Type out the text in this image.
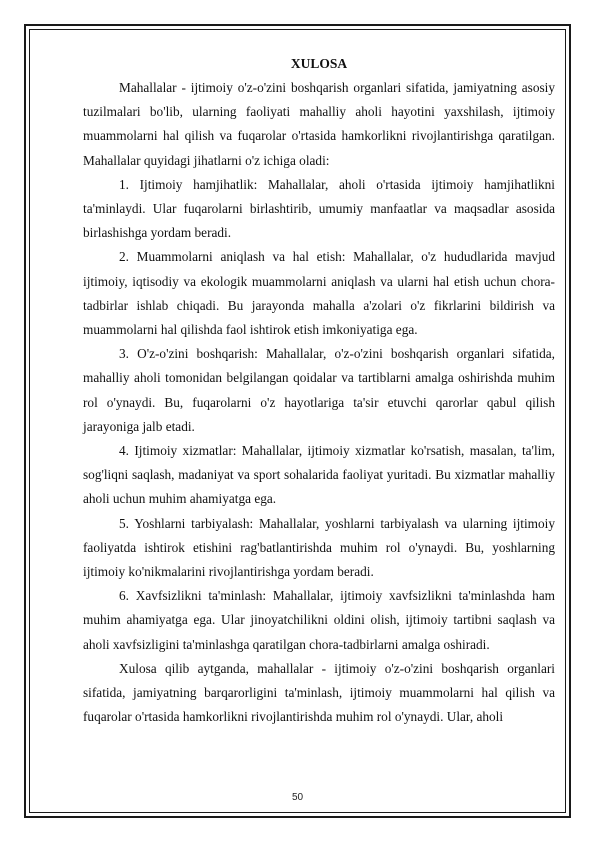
XULOSA

Mahallalar - ijtimoiy o'z-o'zini boshqarish organlari sifatida, jamiyatning asosiy tuzilmalari bo'lib, ularning faoliyati mahalliy aholi hayotini yaxshilash, ijtimoiy muammolarni hal qilish va fuqarolar o'rtasida hamkorlikni rivojlantirishga qaratilgan. Mahallalar quyidagi jihatlarni o'z ichiga oladi:

1. Ijtimoiy hamjihatlik: Mahallalar, aholi o'rtasida ijtimoiy hamjihatlikni ta'minlaydi. Ular fuqarolarni birlashtirib, umumiy manfaatlar va maqsadlar asosida birlashishga yordam beradi.

2. Muammolarni aniqlash va hal etish: Mahallalar, o'z hududlarida mavjud ijtimoiy, iqtisodiy va ekologik muammolarni aniqlash va ularni hal etish uchun chora-tadbirlar ishlab chiqadi. Bu jarayonda mahalla a'zolari o'z fikrlarini bildirish va muammolarni hal qilishda faol ishtirok etish imkoniyatiga ega.

3. O'z-o'zini boshqarish: Mahallalar, o'z-o'zini boshqarish organlari sifatida, mahalliy aholi tomonidan belgilangan qoidalar va tartiblarni amalga oshirishda muhim rol o'ynaydi. Bu, fuqarolarni o'z hayotlariga ta'sir etuvchi qarorlar qabul qilish jarayoniga jalb etadi.

4. Ijtimoiy xizmatlar: Mahallalar, ijtimoiy xizmatlar ko'rsatish, masalan, ta'lim, sog'liqni saqlash, madaniyat va sport sohalarida faoliyat yuritadi. Bu xizmatlar mahalliy aholi uchun muhim ahamiyatga ega.

5. Yoshlarni tarbiyalash: Mahallalar, yoshlarni tarbiyalash va ularning ijtimoiy faoliyatda ishtirok etishini rag'batlantirishda muhim rol o'ynaydi. Bu, yoshlarning ijtimoiy ko'nikmalarini rivojlantirishga yordam beradi.

6. Xavfsizlikni ta'minlash: Mahallalar, ijtimoiy xavfsizlikni ta'minlashda ham muhim ahamiyatga ega. Ular jinoyatchilikni oldini olish, ijtimoiy tartibni saqlash va aholi xavfsizligini ta'minlashga qaratilgan chora-tadbirlarni amalga oshiradi.

Xulosa qilib aytganda, mahallalar - ijtimoiy o'z-o'zini boshqarish organlari sifatida, jamiyatning barqarorligini ta'minlash, ijtimoiy muammolarni hal qilish va fuqarolar o'rtasida hamkorlikni rivojlantirishda muhim rol o'ynaydi. Ular, aholi

50
